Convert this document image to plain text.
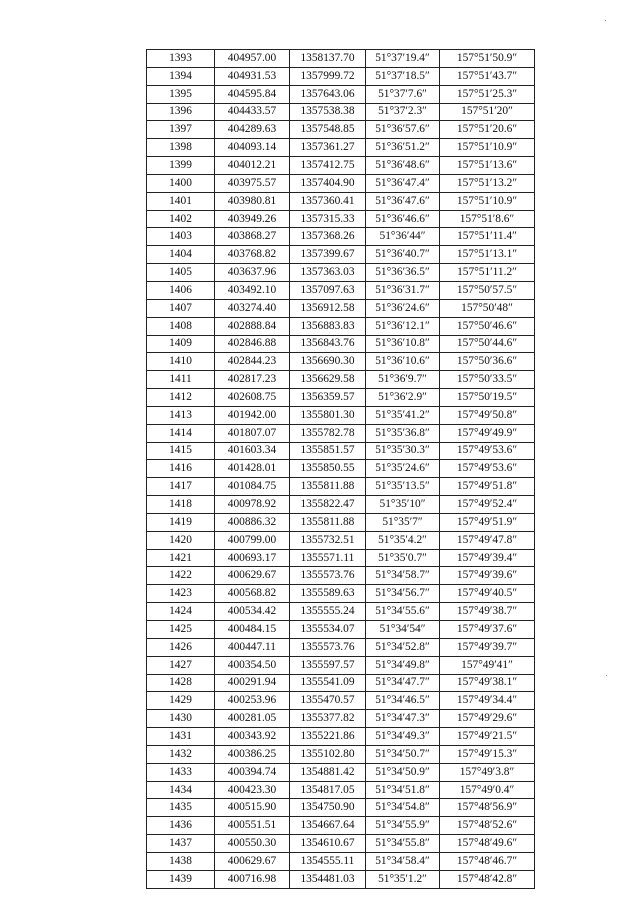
1393	404957.00	1358137.70	51°37′19.4″	157°51′50.9″
1394	404931.53	1357999.72	51°37′18.5″	157°51′43.7″
1395	404595.84	1357643.06	51°37′7.6″	157°51′25.3″
1396	404433.57	1357538.38	51°37′2.3″	157°51′20″
1397	404289.63	1357548.85	51°36′57.6″	157°51′20.6″
1398	404093.14	1357361.27	51°36′51.2″	157°51′10.9″
1399	404012.21	1357412.75	51°36′48.6″	157°51′13.6″
1400	403975.57	1357404.90	51°36′47.4″	157°51′13.2″
1401	403980.81	1357360.41	51°36′47.6″	157°51′10.9″
1402	403949.26	1357315.33	51°36′46.6″	157°51′8.6″
1403	403868.27	1357368.26	51°36′44″	157°51′11.4″
1404	403768.82	1357399.67	51°36′40.7″	157°51′13.1″
1405	403637.96	1357363.03	51°36′36.5″	157°51′11.2″
1406	403492.10	1357097.63	51°36′31.7″	157°50′57.5″
1407	403274.40	1356912.58	51°36′24.6″	157°50′48″
1408	402888.84	1356883.83	51°36′12.1″	157°50′46.6″
1409	402846.88	1356843.76	51°36′10.8″	157°50′44.6″
1410	402844.23	1356690.30	51°36′10.6″	157°50′36.6″
1411	402817.23	1356629.58	51°36′9.7″	157°50′33.5″
1412	402608.75	1356359.57	51°36′2.9″	157°50′19.5″
1413	401942.00	1355801.30	51°35′41.2″	157°49′50.8″
1414	401807.07	1355782.78	51°35′36.8″	157°49′49.9″
1415	401603.34	1355851.57	51°35′30.3″	157°49′53.6″
1416	401428.01	1355850.55	51°35′24.6″	157°49′53.6″
1417	401084.75	1355811.88	51°35′13.5″	157°49′51.8″
1418	400978.92	1355822.47	51°35′10″	157°49′52.4″
1419	400886.32	1355811.88	51°35′7″	157°49′51.9″
1420	400799.00	1355732.51	51°35′4.2″	157°49′47.8″
1421	400693.17	1355571.11	51°35′0.7″	157°49′39.4″
1422	400629.67	1355573.76	51°34′58.7″	157°49′39.6″
1423	400568.82	1355589.63	51°34′56.7″	157°49′40.5″
1424	400534.42	1355555.24	51°34′55.6″	157°49′38.7″
1425	400484.15	1355534.07	51°34′54″	157°49′37.6″
1426	400447.11	1355573.76	51°34′52.8″	157°49′39.7″
1427	400354.50	1355597.57	51°34′49.8″	157°49′41″
1428	400291.94	1355541.09	51°34′47.7″	157°49′38.1″
1429	400253.96	1355470.57	51°34′46.5″	157°49′34.4″
1430	400281.05	1355377.82	51°34′47.3″	157°49′29.6″
1431	400343.92	1355221.86	51°34′49.3″	157°49′21.5″
1432	400386.25	1355102.80	51°34′50.7″	157°49′15.3″
1433	400394.74	1354881.42	51°34′50.9″	157°49′3.8″
1434	400423.30	1354817.05	51°34′51.8″	157°49′0.4″
1435	400515.90	1354750.90	51°34′54.8″	157°48′56.9″
1436	400551.51	1354667.64	51°34′55.9″	157°48′52.6″
1437	400550.30	1354610.67	51°34′55.8″	157°48′49.6″
1438	400629.67	1354555.11	51°34′58.4″	157°48′46.7″
1439	400716.98	1354481.03	51°35′1.2″	157°48′42.8″
